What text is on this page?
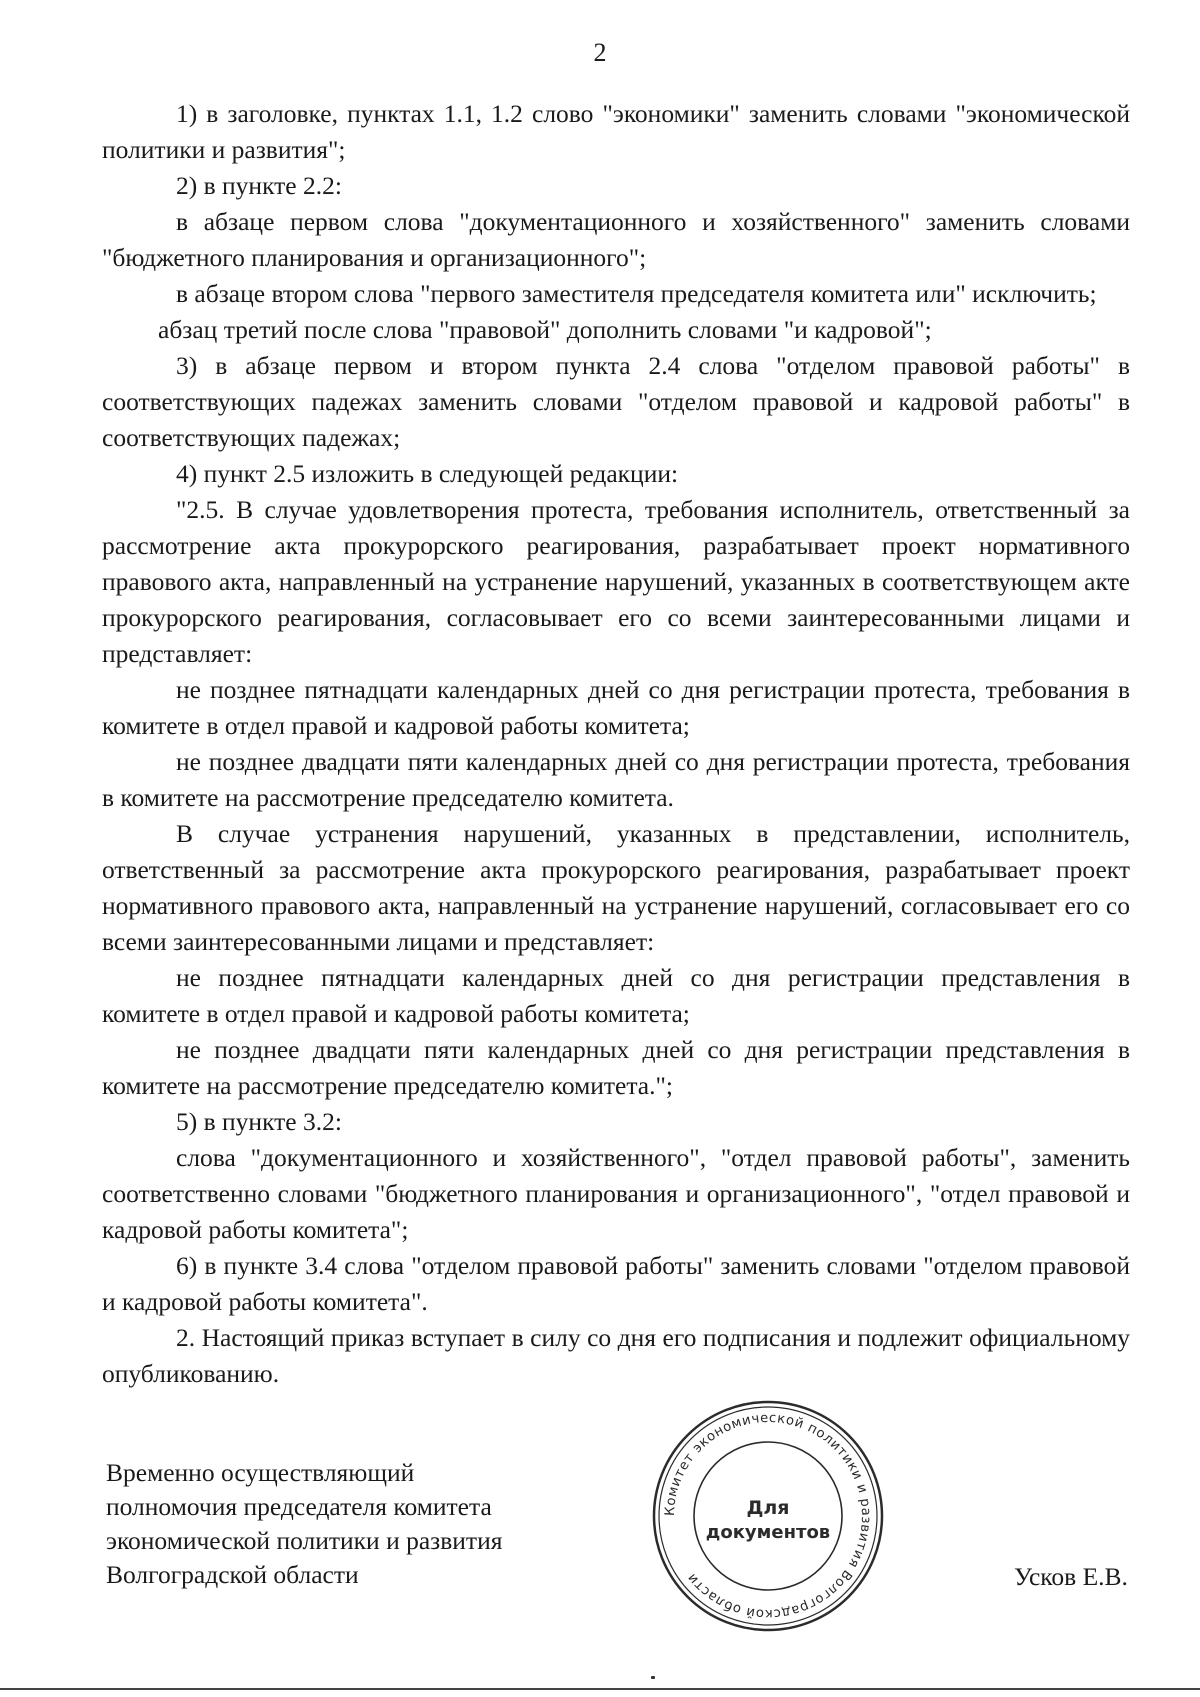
2

1) в заголовке, пунктах 1.1, 1.2 слово "экономики" заменить словами "экономической политики и развития";

2) в пункте 2.2:

в абзаце первом слова "документационного и хозяйственного" заменить словами "бюджетного планирования и организационного";

в абзаце втором слова "первого заместителя председателя комитета или" исключить;

абзац третий после слова "правовой" дополнить словами "и кадровой";

3) в абзаце первом и втором пункта 2.4 слова "отделом правовой работы" в соответствующих падежах заменить словами "отделом правовой и кадровой работы" в соответствующих падежах;

4) пункт 2.5 изложить в следующей редакции:

"2.5. В случае удовлетворения протеста, требования исполнитель, ответственный за рассмотрение акта прокурорского реагирования, разрабатывает проект нормативного правового акта, направленный на устранение нарушений, указанных в соответствующем акте прокурорского реагирования, согласовывает его со всеми заинтересованными лицами и представляет:

не позднее пятнадцати календарных дней со дня регистрации протеста, требования в комитете в отдел правой и кадровой работы комитета;

не позднее двадцати пяти календарных дней со дня регистрации протеста, требования в комитете на рассмотрение председателю комитета.

В случае устранения нарушений, указанных в представлении, исполнитель, ответственный за рассмотрение акта прокурорского реагирования, разрабатывает проект нормативного правового акта, направленный на устранение нарушений, согласовывает его со всеми заинтересованными лицами и представляет:

не позднее пятнадцати календарных дней со дня регистрации представления в комитете в отдел правой и кадровой работы комитета;

не позднее двадцати пяти календарных дней со дня регистрации представления в комитете на рассмотрение председателю комитета.";

5) в пункте 3.2:

слова "документационного и хозяйственного", "отдел правовой работы", заменить соответственно словами "бюджетного планирования и организационного", "отдел правовой и кадровой работы комитета";

6) в пункте 3.4 слова "отделом правовой работы" заменить словами "отделом правовой и кадровой работы комитета".

2. Настоящий приказ вступает в силу со дня его подписания и подлежит официальному опубликованию.

Временно осуществляющий
полномочия председателя комитета
экономической политики и развития
Волгоградской области
Комитет экономической политики и развития Волгоградской области
Для
документов
Усков Е.В.
